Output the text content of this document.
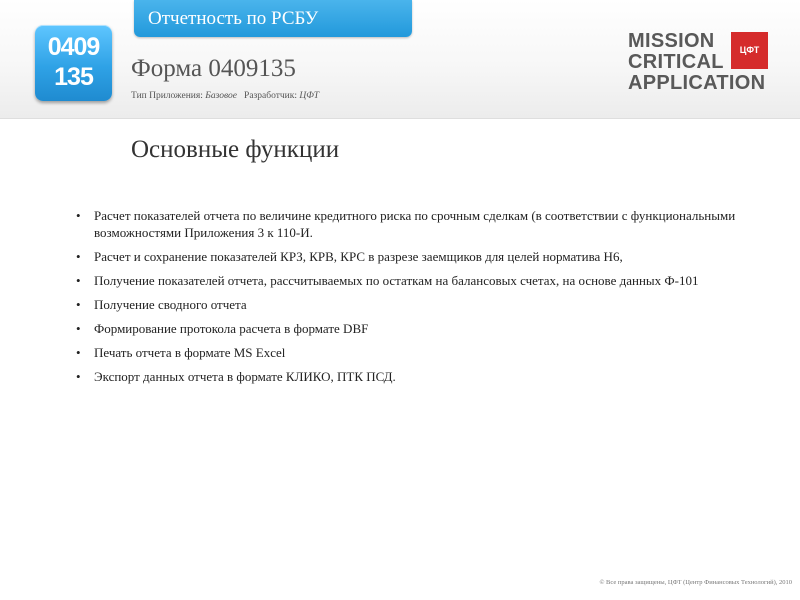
Отчетность по РСБУ
0409
135	Форма 0409135
Тип Приложения: Базовое Разработчик: ЦФТ
MISSION
CRITICAL
APPLICATION
ЦФТ
Основные функции
• Расчет показателей отчета по величине кредитного риска по срочным сделкам (в соответствии с функциональными возможностями Приложения 3 к 110-И.
• Расчет и сохранение показателей КРЗ, КРВ, КРС в разрезе заемщиков для целей норматива Н6,
• Получение показателей отчета, рассчитываемых по остаткам на балансовых счетах, на основе данных Ф-101
• Получение сводного отчета
• Формирование протокола расчета в формате DBF
• Печать отчета в формате MS Excel
• Экспорт данных отчета в формате КЛИКО, ПТК ПСД.
© Все права защищены, ЦФТ (Центр Финансовых Технологий), 2010
